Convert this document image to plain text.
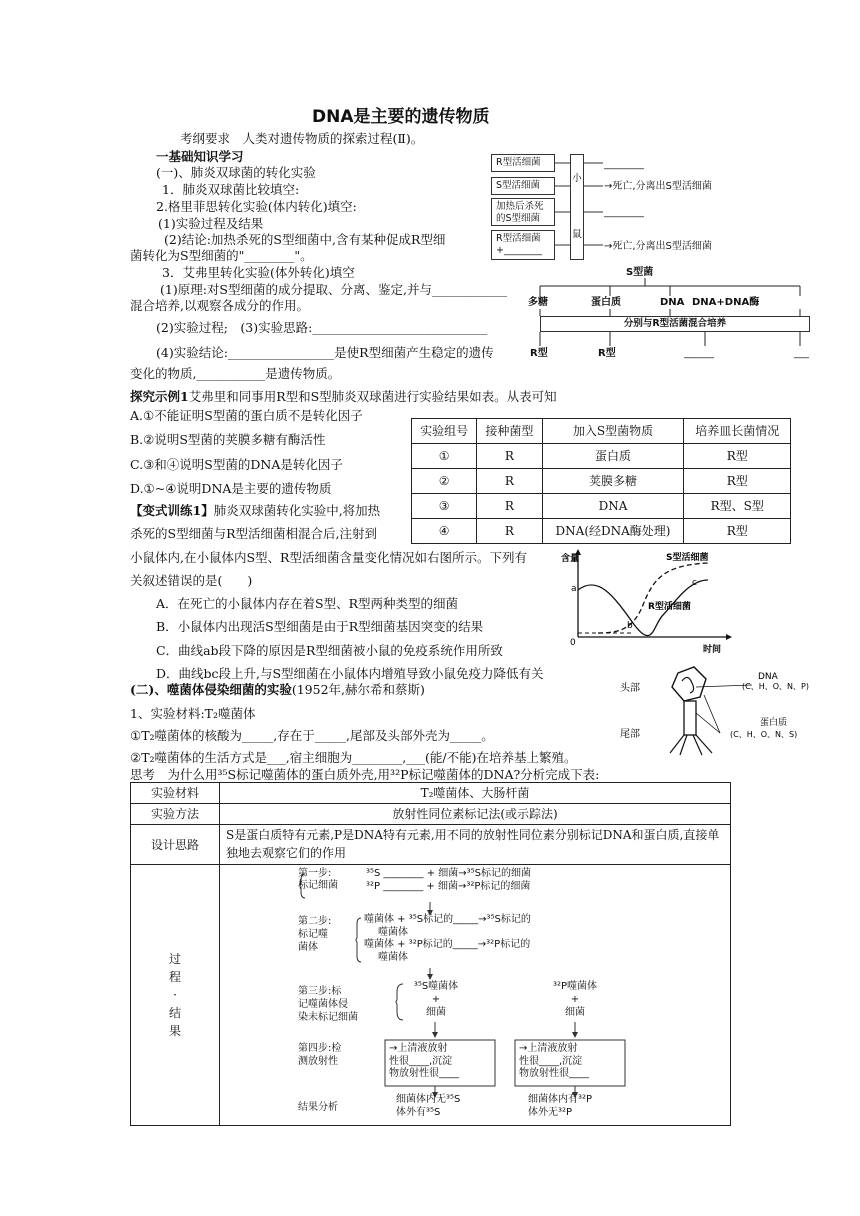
DNA是主要的遗传物质
考纲要求　人类对遗传物质的探索过程(Ⅱ)。
一基础知识学习
(一)、肺炎双球菌的转化实验
1．肺炎双球菌比较填空:
2.格里菲思转化实验(体内转化)填空:
(1)实验过程及结果
(2)结论:加热杀死的S型细菌中,含有某种促成R型细
菌转化为S型细菌的"________"。
3．艾弗里转化实验(体外转化)填空
(1)原理:对S型细菌的成分提取、分离、鉴定,并与____________
混合培养,以观察各成分的作用。
(2)实验过程;　(3)实验思路:____________________________
(4)实验结论:_________________是使R型细菌产生稳定的遗传
变化的物质,___________是遗传物质。
R型活细菌
S型活细菌
加热后杀死的S型细菌
R型活细菌+________
小
鼠
________
→死亡,分离出S型活细菌
________
→死亡,分离出S型活细菌
S型菌
多糖	蛋白质	DNA DNA+DNA酶
分别与R型活菌混合培养
R型	R型	______	___
探究示例1艾弗里和同事用R型和S型肺炎双球菌进行实验结果如表。从表可知
A.①不能证明S型菌的蛋白质不是转化因子
B.②说明S型菌的荚膜多糖有酶活性
C.③和④说明S型菌的DNA是转化因子
D.①~④说明DNA是主要的遗传物质
实验组号	接种菌型	加入S型菌物质	培养皿长菌情况
①	R	蛋白质	R型
②	R	荚膜多糖	R型
③	R	DNA	R型、S型
④	R	DNA(经DNA酶处理)	R型
【变式训练1】肺炎双球菌转化实验中,将加热
杀死的S型细菌与R型活细菌相混合后,注射到
小鼠体内,在小鼠体内S型、R型活细菌含量变化情况如右图所示。下列有
关叙述错误的是(　　)
A．在死亡的小鼠体内存在着S型、R型两种类型的细菌
B．小鼠体内出现活S型细菌是由于R型细菌基因突变的结果
C．曲线ab段下降的原因是R型细菌被小鼠的免疫系统作用所致
D．曲线bc段上升,与S型细菌在小鼠体内增殖导致小鼠免疫力降低有关
含量
时间
S型活细菌
R型活细菌
a
b
c
0
(二)、噬菌体侵染细菌的实验(1952年,赫尔希和蔡斯)
1、实验材料:T₂噬菌体
①T₂噬菌体的核酸为_____,存在于_____,尾部及头部外壳为_____。
②T₂噬菌体的生活方式是___,宿主细胞为________,___(能/不能)在培养基上繁殖。
思考　为什么用³⁵S标记噬菌体的蛋白质外壳,用³²P标记噬菌体的DNA?分析完成下表:
头部
尾部
DNA
(C、H、O、N、P)
蛋白质
(C、H、O、N、S)
实验材料	T₂噬菌体、大肠杆菌
实验方法	放射性同位素标记法(或示踪法)
设计思路	S是蛋白质特有元素,P是DNA特有元素,用不同的放射性同位素分别标记DNA和蛋白质,直接单独地去观察它们的作用

过
程
·
结
果	

第一步:
标记细菌
³⁵S ________ + 细菌→³⁵S标记的细菌
³²P ________ + 细菌→³²P标记的细菌
第二步:
标记噬
菌体
噬菌体 + ³⁵S标记的_____→³⁵S标记的
噬菌体
噬菌体 + ³²P标记的_____→³²P标记的
噬菌体
第三步:标
记噬菌体侵
染未标记细菌
³⁵S噬菌体
+
细菌
³²P噬菌体
+
细菌
第四步:检
测放射性
→上清液放射
性很____,沉淀
物放射性很____
→上清液放射
性很____,沉淀
物放射性很____
结果分析
细菌体内无³⁵S
体外有³⁵S
细菌体内有³²P
体外无³²P
